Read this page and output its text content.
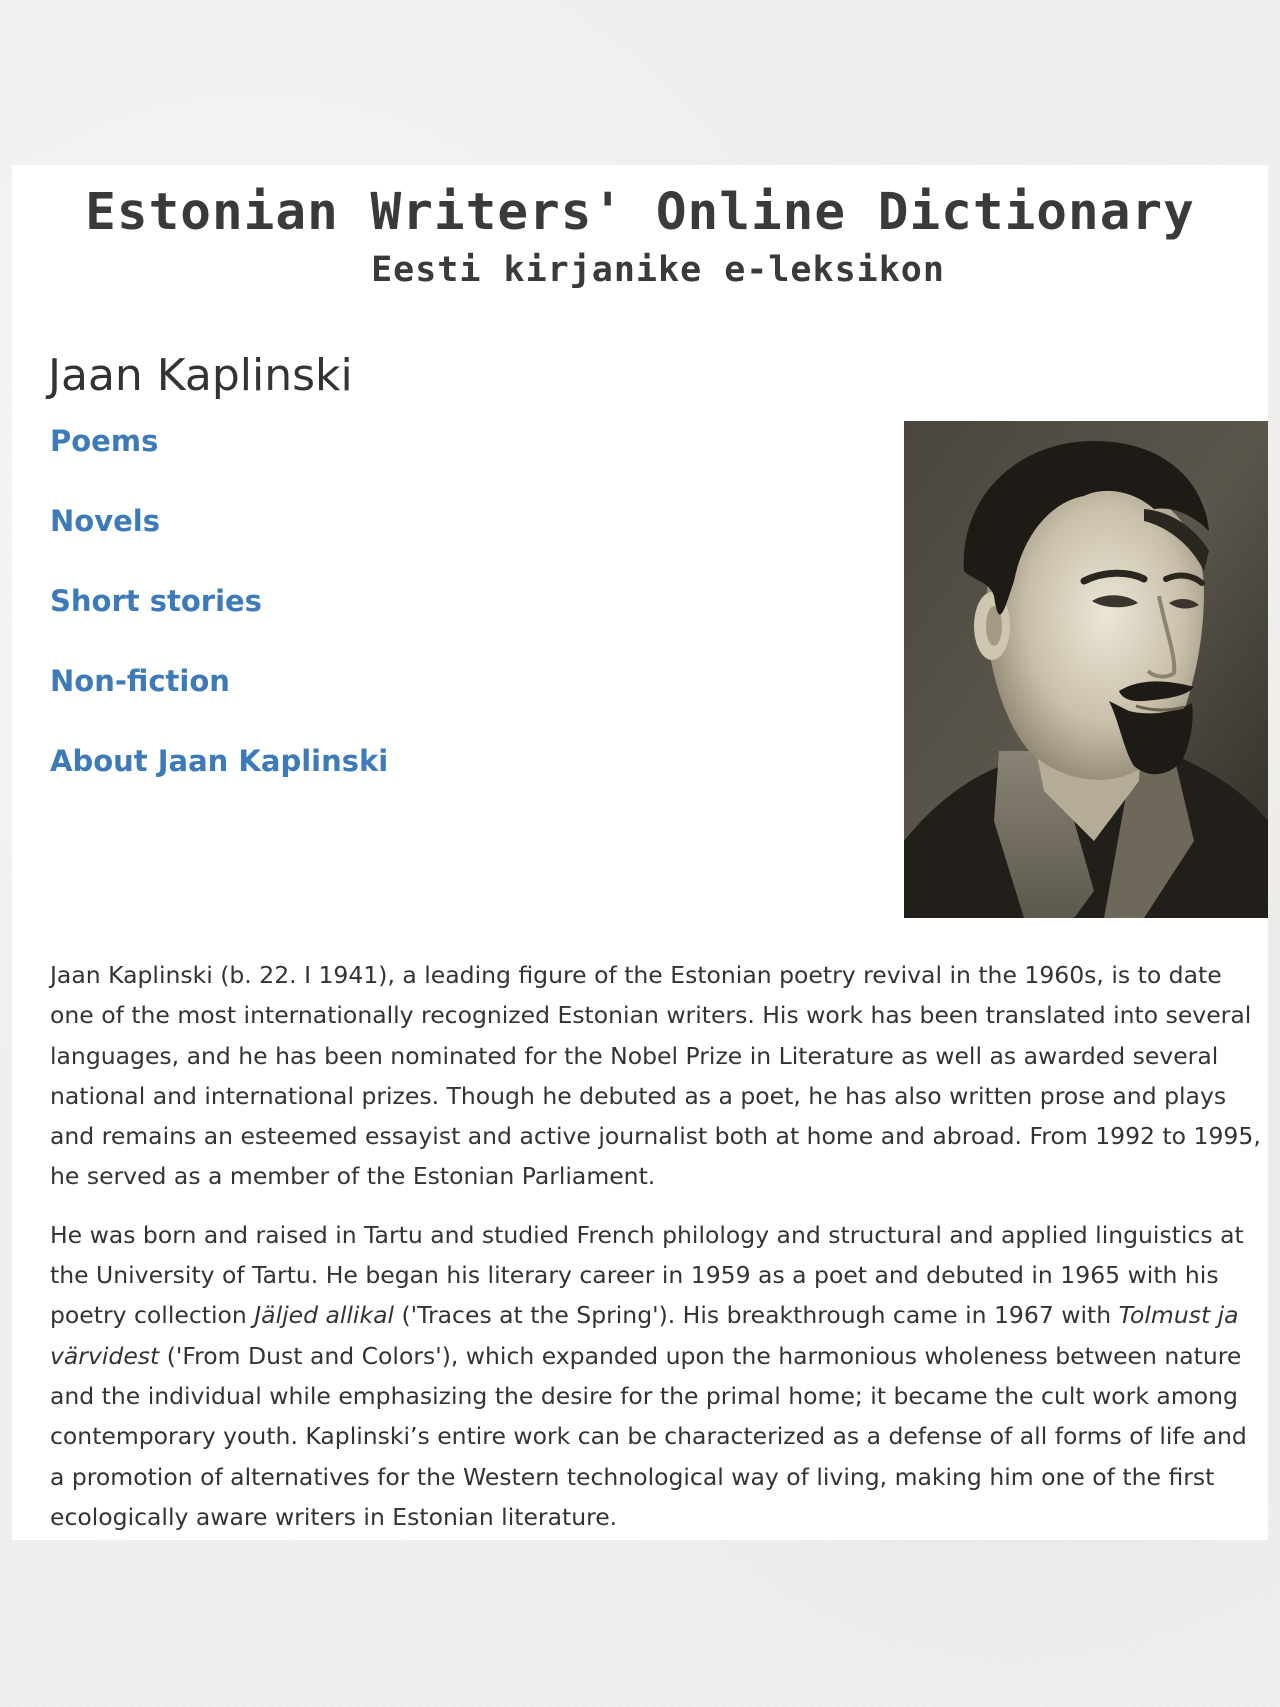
Estonian Writers' Online Dictionary
Eesti kirjanike e-leksikon
Jaan Kaplinski
Poems
Novels
Short stories
Non-fiction
About Jaan Kaplinski

Jaan Kaplinski (b. 22. I 1941), a leading figure of the Estonian poetry revival in the 1960s, is to date one of the most internationally recognized Estonian writers. His work has been translated into several languages, and he has been nominated for the Nobel Prize in Literature as well as awarded several national and international prizes. Though he debuted as a poet, he has also written prose and plays and remains an esteemed essayist and active journalist both at home and abroad. From 1992 to 1995, he served as a member of the Estonian Parliament.

He was born and raised in Tartu and studied French philology and structural and applied linguistics at the University of Tartu. He began his literary career in 1959 as a poet and debuted in 1965 with his poetry collection Jäljed allikal ('Traces at the Spring'). His breakthrough came in 1967 with Tolmust ja värvidest ('From Dust and Colors'), which expanded upon the harmonious wholeness between nature and the individual while emphasizing the desire for the primal home; it became the cult work among contemporary youth. Kaplinski’s entire work can be characterized as a defense of all forms of life and a promotion of alternatives for the Western technological way of living, making him one of the first ecologically aware writers in Estonian literature.
